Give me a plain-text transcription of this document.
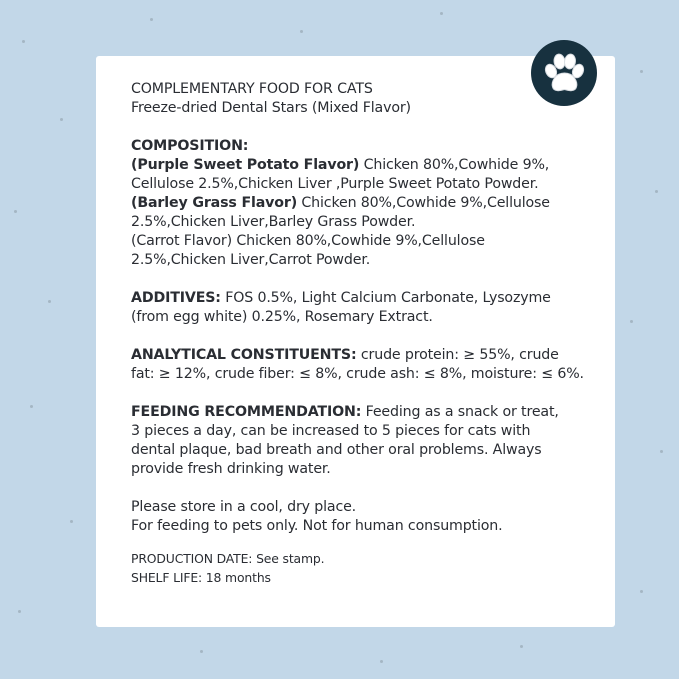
COMPLEMENTARY FOOD FOR CATS
Freeze-dried Dental Stars (Mixed Flavor)
COMPOSITION:
(Purple Sweet Potato Flavor) Chicken 80%,Cowhide 9%,
Cellulose 2.5%,Chicken Liver ,Purple Sweet Potato Powder.
(Barley Grass Flavor) Chicken 80%,Cowhide 9%,Cellulose
2.5%,Chicken Liver,Barley Grass Powder.
(Carrot Flavor) Chicken 80%,Cowhide 9%,Cellulose
2.5%,Chicken Liver,Carrot Powder.
ADDITIVES: FOS 0.5%, Light Calcium Carbonate, Lysozyme
(from egg white) 0.25%, Rosemary Extract.
ANALYTICAL CONSTITUENTS: crude protein: ≥ 55%, crude
fat: ≥ 12%, crude fiber: ≤ 8%, crude ash: ≤ 8%, moisture: ≤ 6%.
FEEDING RECOMMENDATION: Feeding as a snack or treat,
3 pieces a day, can be increased to 5 pieces for cats with
dental plaque, bad breath and other oral problems. Always
provide fresh drinking water.
Please store in a cool, dry place.
For feeding to pets only. Not for human consumption.
PRODUCTION DATE: See stamp.
SHELF LIFE: 18 months
